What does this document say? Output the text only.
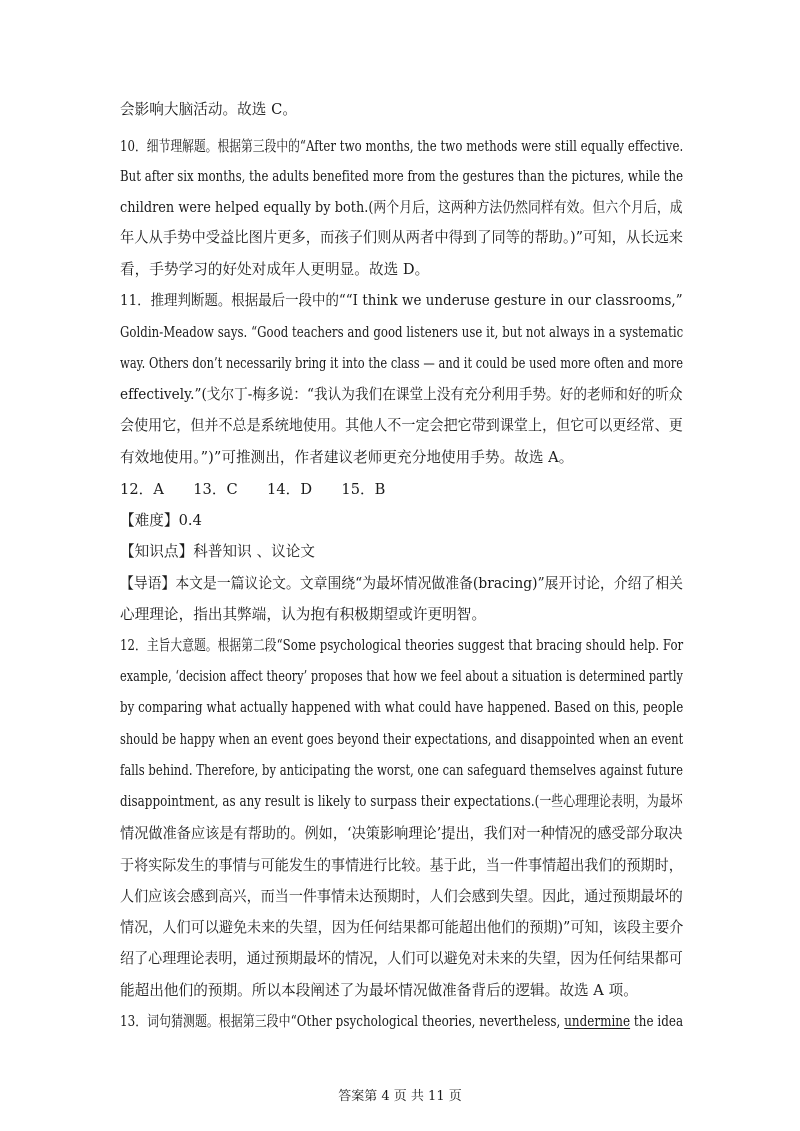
会影响大脑活动。故选 C。
10．细节理解题。根据第三段中的“After two months, the two methods were still equally effective.
But after six months, the adults benefited more from the gestures than the pictures, while the
children were helped equally by both.(两个月后，这两种方法仍然同样有效。但六个月后，成
年人从手势中受益比图片更多，而孩子们则从两者中得到了同等的帮助。)”可知，从长远来
看，手势学习的好处对成年人更明显。故选 D。
11．推理判断题。根据最后一段中的““I think we underuse gesture in our classrooms,”
Goldin-Meadow says. “Good teachers and good listeners use it, but not always in a systematic
way. Others don’t necessarily bring it into the class — and it could be used more often and more
effectively.”(戈尔丁-梅多说：“我认为我们在课堂上没有充分利用手势。好的老师和好的听众
会使用它，但并不总是系统地使用。其他人不一定会把它带到课堂上，但它可以更经常、更
有效地使用。”)”可推测出，作者建议老师更充分地使用手势。故选 A。
12．A　　13．C　　14．D　　15．B
【难度】0.4
【知识点】科普知识 、议论文
【导语】本文是一篇议论文。文章围绕“为最坏情况做准备(bracing)”展开讨论，介绍了相关
心理理论，指出其弊端，认为抱有积极期望或许更明智。
12．主旨大意题。根据第二段“Some psychological theories suggest that bracing should help. For
example, ‘decision affect theory’ proposes that how we feel about a situation is determined partly
by comparing what actually happened with what could have happened. Based on this, people
should be happy when an event goes beyond their expectations, and disappointed when an event
falls behind. Therefore, by anticipating the worst, one can safeguard themselves against future
disappointment, as any result is likely to surpass their expectations.(一些心理理论表明，为最坏
情况做准备应该是有帮助的。例如，‘决策影响理论’提出，我们对一种情况的感受部分取决
于将实际发生的事情与可能发生的事情进行比较。基于此，当一件事情超出我们的预期时，
人们应该会感到高兴，而当一件事情未达预期时，人们会感到失望。因此，通过预期最坏的
情况，人们可以避免未来的失望，因为任何结果都可能超出他们的预期)”可知，该段主要介
绍了心理理论表明，通过预期最坏的情况，人们可以避免对未来的失望，因为任何结果都可
能超出他们的预期。所以本段阐述了为最坏情况做准备背后的逻辑。故选 A 项。
13．词句猜测题。根据第三段中“Other psychological theories, nevertheless, undermine the idea
答案第 4 页 共 11 页
